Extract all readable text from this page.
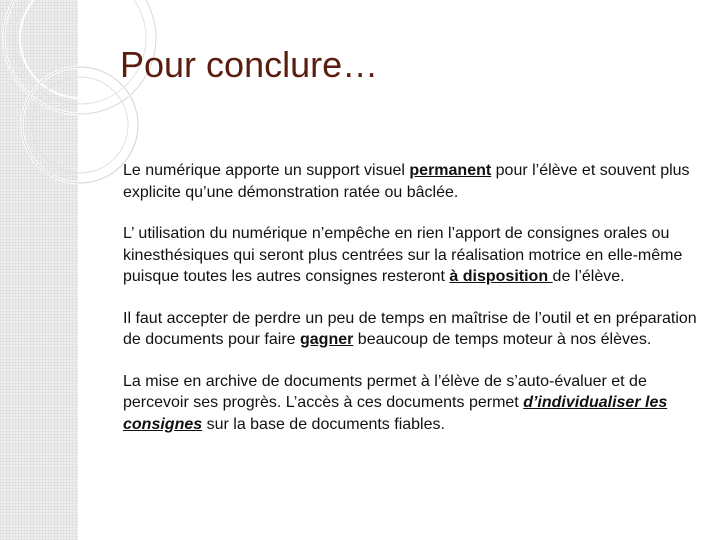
Pour conclure…

Le numérique apporte un support visuel permanent pour l’élève et souvent plus explicite qu’une démonstration ratée ou bâclée.

L’ utilisation du numérique n’empêche en rien l’apport de consignes orales ou kinesthésiques qui seront plus centrées sur la réalisation motrice en elle-même puisque toutes les autres consignes resteront à disposition de l’élève.

Il faut accepter de perdre un peu de temps en maîtrise de l’outil et en préparation de documents pour faire gagner beaucoup de temps moteur à nos élèves.

La mise en archive de documents permet à l’élève de s’auto-évaluer et de percevoir ses progrès. L’accès à ces documents permet d’individualiser les consignes sur la base de documents fiables.
